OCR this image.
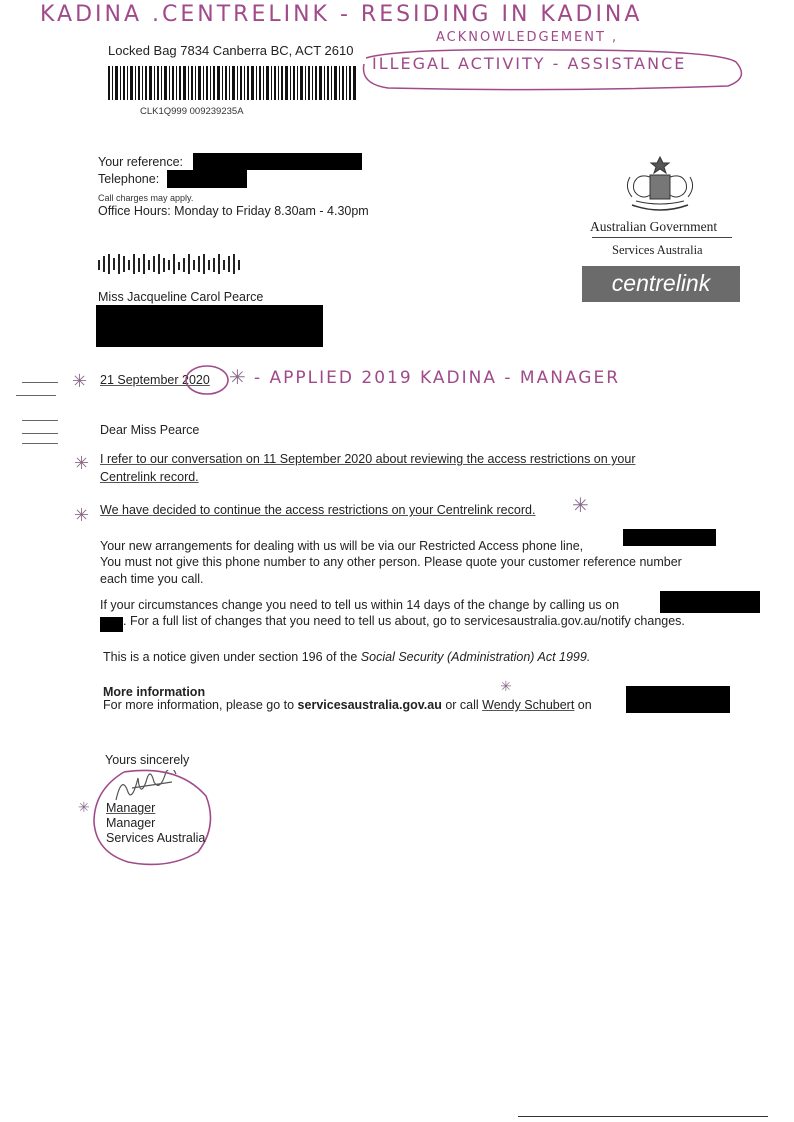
KADINA .CENTRELINK - RESIDING IN KADINA
ACKNOWLEDGEMENT ,
ILLEGAL ACTIVITY - ASSISTANCE
Locked Bag 7834 Canberra BC, ACT 2610
CLK1Q999 009239235A
Your reference:
Telephone:
Call charges may apply.
Office Hours: Monday to Friday 8.30am - 4.30pm
Australian Government
Services Australia
centrelink
Miss Jacqueline Carol Pearce
✳ 21 September 2020 ✳ - APPLIED 2019 KADINA - MANAGER
Dear Miss Pearce
✳ I refer to our conversation on 11 September 2020 about reviewing the access restrictions on your
Centrelink record.
✳ We have decided to continue the access restrictions on your Centrelink record. ✳
Your new arrangements for dealing with us will be via our Restricted Access phone line,
You must not give this phone number to any other person. Please quote your customer reference number
each time you call.
If your circumstances change you need to tell us within 14 days of the change by calling us on
. For a full list of changes that you need to tell us about, go to servicesaustralia.gov.au/notify changes.
This is a notice given under section 196 of the Social Security (Administration) Act 1999.
More information	✳
For more information, please go to servicesaustralia.gov.au or call Wendy Schubert on
Yours sincerely
✳ Manager
Manager
Services Australia
